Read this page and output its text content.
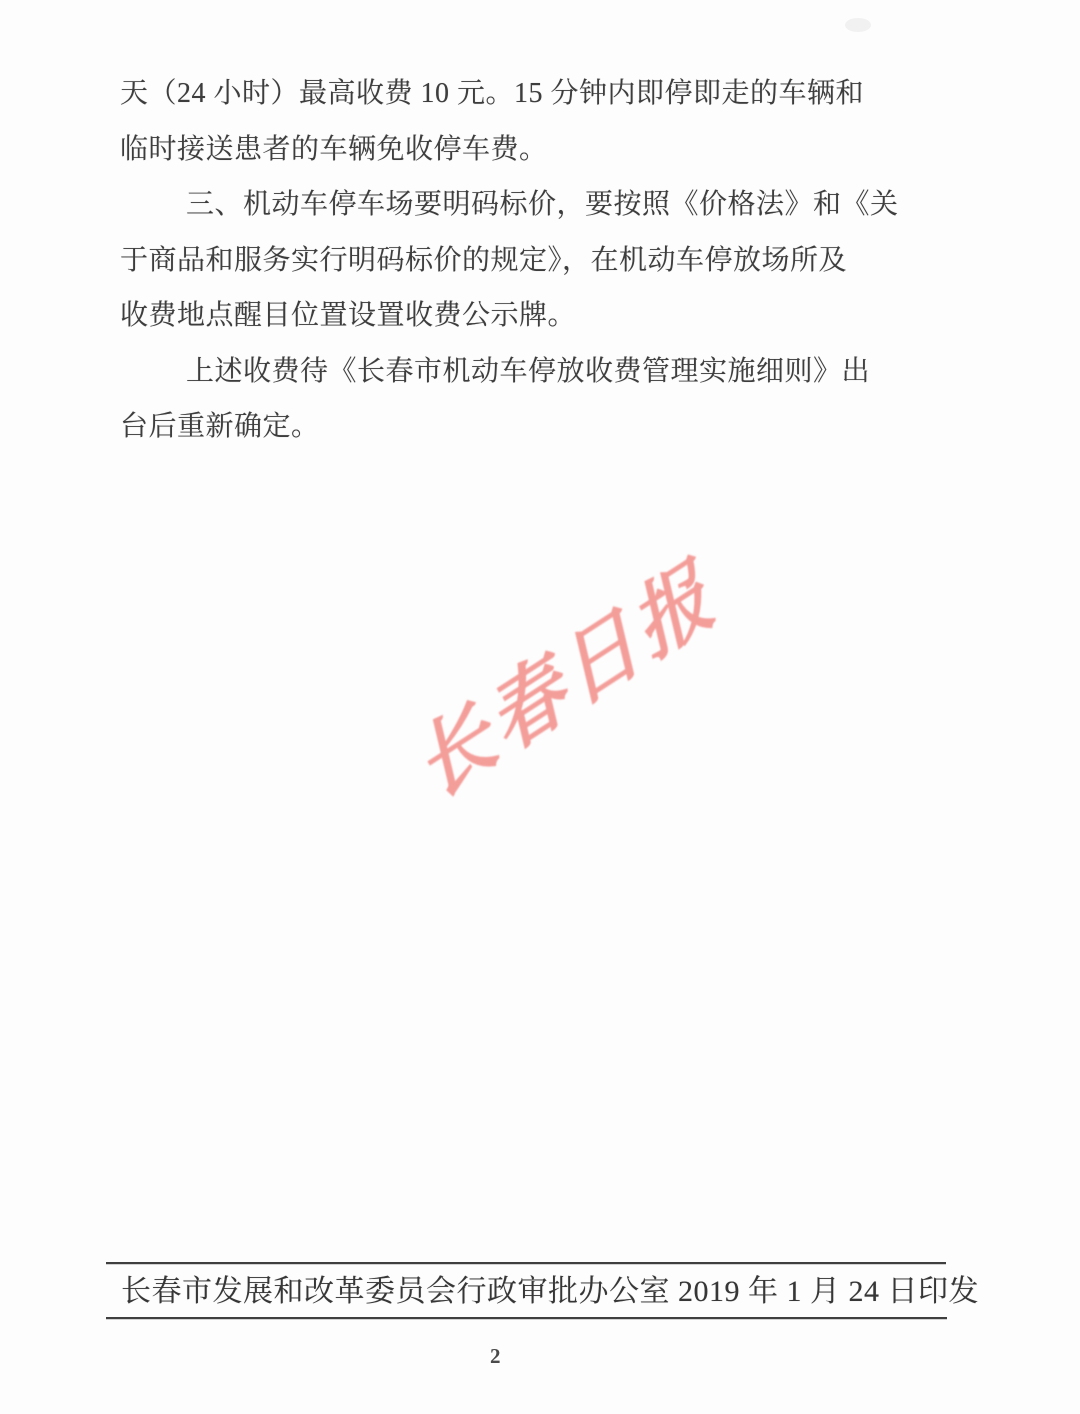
天（24 小时）最高收费 10 元。15 分钟内即停即走的车辆和
临时接送患者的车辆免收停车费。
三、机动车停车场要明码标价，要按照《价格法》和《关
于商品和服务实行明码标价的规定》，在机动车停放场所及
收费地点醒目位置设置收费公示牌。
上述收费待《长春市机动车停放收费管理实施细则》出
台后重新确定。
长春日报
长春市发展和改革委员会行政审批办公室 2019 年 1 月 24 日印发
2
